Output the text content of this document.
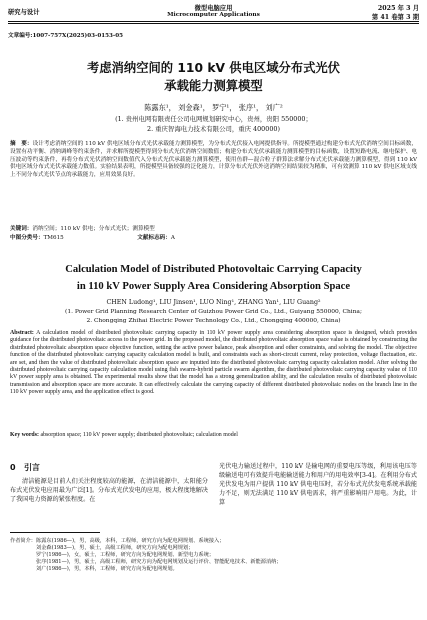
研究与设计
微型电脑应用
Microcomputer Applications
2025 年 3 月
第 41 卷第 3 期
文章编号:1007-757X(2025)03-0153-05
考虑消纳空间的 110 kV 供电区域分布式光伏
承载能力测算模型
陈露东¹， 刘金森¹， 罗宁¹， 张序¹， 刘广²
(1. 贵州电网有限责任公司电网规划研究中心，贵州，贵阳 550000；
2. 重庆智海电力技术有限公司，重庆 400000)
摘　要：设计考虑消纳空间的 110 kV 供电区域分布式光伏承载能力测算模型，为分布式光伏接入电网提供指导。所提模型通过构建分布式光伏消纳空间目标函数，设置有功平衡、消纳调峰等约束条件，并求解所提模型得到分布式光伏消纳空间数值；构建分布式光伏承载能力测算模型的目标函数，设置短路电流、继电保护、电压波动等约束条件，再将分布式光伏消纳空间数值代入分布式光伏承载能力测算模型，使用鱼群—混合粒子群算法求解分布式光伏承载能力测算模型，得到 110 kV 供电区域分布式光伏承载能力数值。实验结果表明，所提模型具备较强的泛化能力，计算分布式光伏外送消纳空间结果较为精准，可有效测算 110 kV 供电区域支线上不同分布式光伏节点的承载能力，应用效果良好。
关键词：消纳空间；110 kV 供电；分布式光伏；测算模型
中图分类号：TM615	文献标志码：A
Calculation Model of Distributed Photovoltaic Carrying Capacity
in 110 kV Power Supply Area Considering Absorption Space
CHEN Ludong¹, LIU Jinsen¹, LUO Ning¹, ZHANG Yan¹, LIU Guang²
(1. Power Grid Planning Research Center of Guizhou Power Grid Co., Ltd., Guiyang 550000, China;
2. Chongqing Zhihai Electric Power Technology Co., Ltd., Chongqing 400000, China)
Abstract: A calculation model of distributed photovoltaic carrying capacity in 110 kV power supply area considering absorption space is designed, which provides guidance for the distributed photovoltaic access to the power grid. In the proposed model, the distributed photovoltaic absorption space value is obtained by constructing the distributed photovoltaic absorption space objective function, setting the active power balance, peak absorption and other constraints, and solving the model. The objective function of the distributed photovoltaic carrying capacity calculation model is built, and constraints such as short-circuit current, relay protection, voltage fluctuation, etc. are set, and then the value of distributed photovoltaic absorption space are inputted into the distributed photovoltaic carrying capacity calculation model. After solving the distributed photovoltaic carrying capacity calculation model using fish swarm-hybrid particle swarm algorithm, the distributed photovoltaic carrying capacity value of 110 kV power supply area is obtained. The experimental results show that the model has a strong generalization ability, and the calculation results of distributed photovoltaic transmission and absorption space are more accurate. It can effectively calculate the carrying capacity of different distributed photovoltaic nodes on the branch line in the 110 kV power supply area, and the application effect is good.
Key words: absorption space; 110 kV power supply; distributed photovoltaic; calculation model
0 引言
清洁能源是目前人们关注程度较高的能源，在清洁能源中，太阳能分布式光伏发电应用最为广泛[1]。分布式光伏发电的应用，极大程度地解决了我国电力资源的紧张程度。在
光伏电力输送过程中，110 kV 是输电网的重要电压等级，利用该电压等级输送电可有效提升电能输送能力和用户的用电效率[3-4]。在利用分布式光伏发电为用户提供 110 kV 供电电压时，若分布式光伏发电系统承载能力不足，则无法满足 110 kV 供电需求，将严重影响用户用电。为此，计算
作者简介： 陈露东(1986—)，男，高级，本科，工程师，研究方向为配电网规划、系统接入；
刘金森(1983—)，男，硕士，高级工程师，研究方向为配电网规划；
罗宁(1986—)，女，硕士，工程师，研究方向为配电网规划、新型电力系统；
张序(1981—)，男，硕士，高级工程师，研究方向为配电网规划及运行评价、智能配电技术、新能源消纳；
刘广(1986—)，男，本科，工程师，研究方向为配电网规划。
